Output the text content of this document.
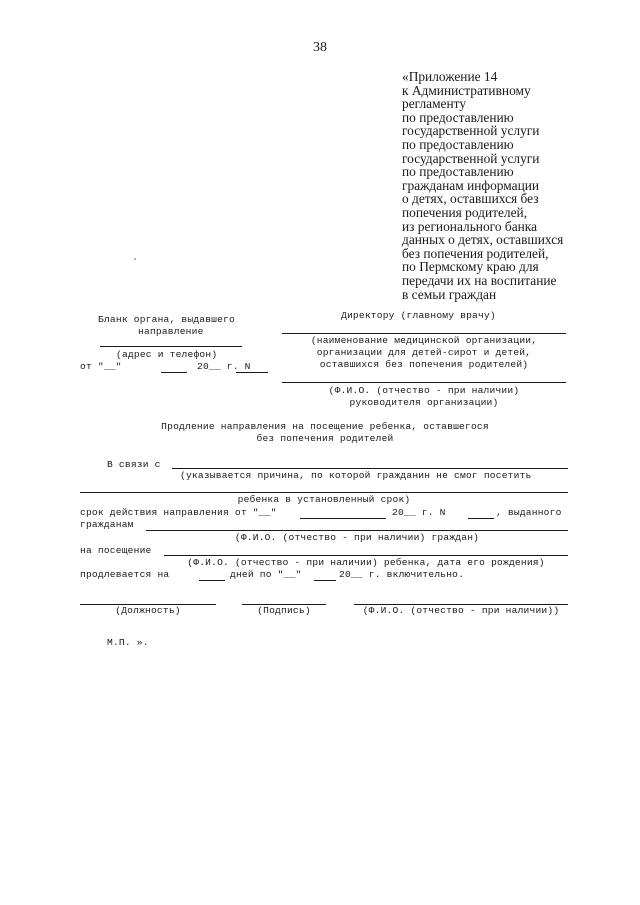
38
«Приложение 14
к Административному
регламенту
по предоставлению
государственной услуги
по предоставлению
государственной услуги
по предоставлению
гражданам информации
о детях, оставшихся без
попечения родителей,
из регионального банка
данных о детях, оставшихся
без попечения родителей,
по Пермскому краю для
передачи их на воспитание
в семьи граждан
Бланк органа, выдавшего
направление
(адрес и телефон)
от "__"	20__ г. N
Директору (главному врачу)
(наименование медицинской организации,
организации для детей-сирот и детей,
оставшихся без попечения родителей)
(Ф.И.О. (отчество - при наличии)
руководителя организации)
Продление направления на посещение ребенка, оставшегося
без попечения родителей
В связи с
(указывается причина, по которой гражданин не смог посетить
ребенка в установленный срок)
срок действия направления от "__"	20__ г. N	, выданного
гражданам
(Ф.И.О. (отчество - при наличии) граждан)
на посещение
(Ф.И.О. (отчество - при наличии) ребенка, дата его рождения)
продлевается на	дней по "__"	20__ г. включительно.
(Должность)	(Подпись)	(Ф.И.О. (отчество - при наличии))
М.П. ».
